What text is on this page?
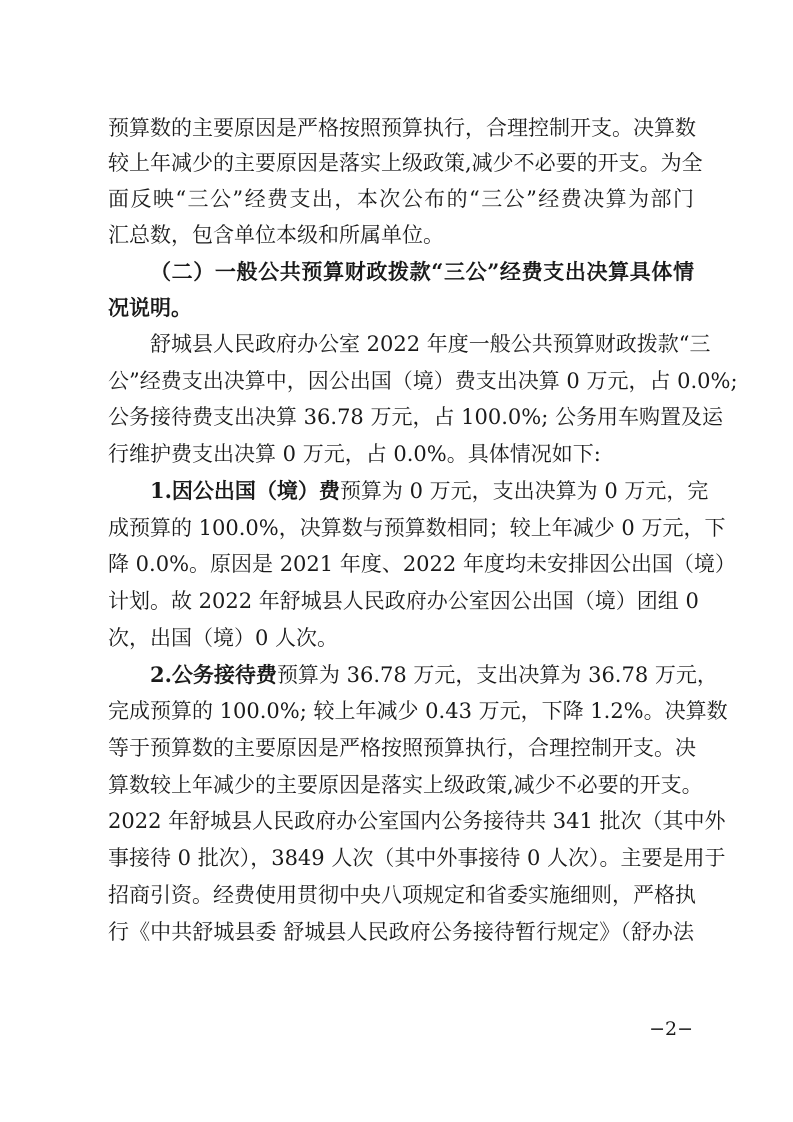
预算数的主要原因是严格按照预算执行，合理控制开支。决算数
较上年减少的主要原因是落实上级政策,减少不必要的开支。为全
面反映“三公”经费支出，本次公布的“三公”经费决算为部门
汇总数，包含单位本级和所属单位。
（二）一般公共预算财政拨款“三公”经费支出决算具体情
况说明。
舒城县人民政府办公室 2022 年度一般公共预算财政拨款“三
公”经费支出决算中，因公出国（境）费支出决算 0 万元，占 0.0%;
公务接待费支出决算 36.78 万元，占 100.0%; 公务用车购置及运
行维护费支出决算 0 万元，占 0.0%。具体情况如下:
1.因公出国（境）费 预算为 0 万元，支出决算为 0 万元，完
成预算的 100.0%，决算数与预算数相同；较上年减少 0 万元，下
降 0.0%。原因是 2021 年度、2022 年度均未安排因公出国（境）
计划。故 2022 年舒城县人民政府办公室因公出国（境）团组 0
次，出国（境）0 人次。
2.公务接待费 预算为 36.78 万元，支出决算为 36.78 万元，
完成预算的 100.0%; 较上年减少 0.43 万元，下降 1.2%。决算数
等于预算数的主要原因是严格按照预算执行，合理控制开支。决
算数较上年减少的主要原因是落实上级政策,减少不必要的开支。
2022 年舒城县人民政府办公室国内公务接待共 341 批次（其中外
事接待 0 批次），3849 人次（其中外事接待 0 人次）。主要是用于
招商引资。经费使用贯彻中央八项规定和省委实施细则，严格执
行《中共舒城县委 舒城县人民政府公务接待暂行规定》（舒办法
−2−
